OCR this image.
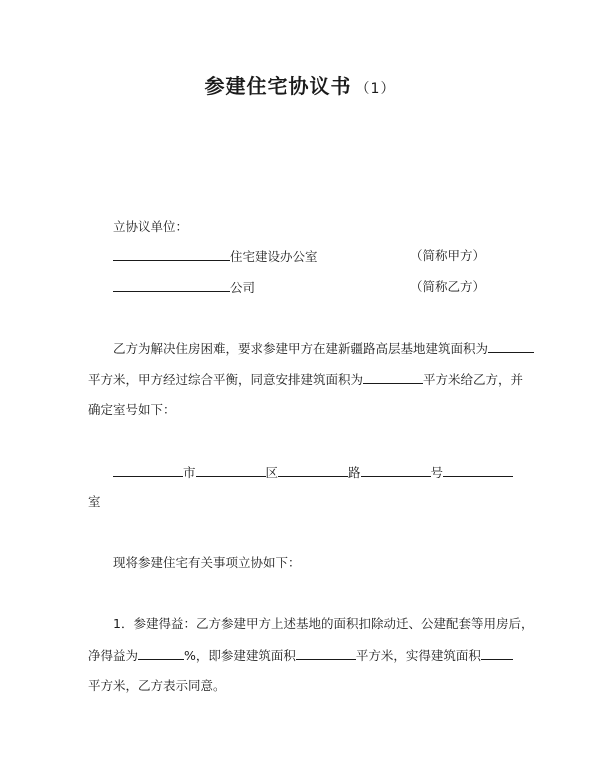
参建住宅协议书 （1）
立协议单位：
住宅建设办公室	（简称甲方）
公司	（简称乙方）
乙方为解决住房困难，要求参建甲方在建新疆路高层基地建筑面积为
平方米，甲方经过综合平衡，同意安排建筑面积为	平方米给乙方，并
确定室号如下：
市	区	路	号
室
现将参建住宅有关事项立协如下：
1．参建得益：乙方参建甲方上述基地的面积扣除动迁、公建配套等用房后，
净得益为	%，即参建建筑面积	平方米，实得建筑面积
平方米，乙方表示同意。
